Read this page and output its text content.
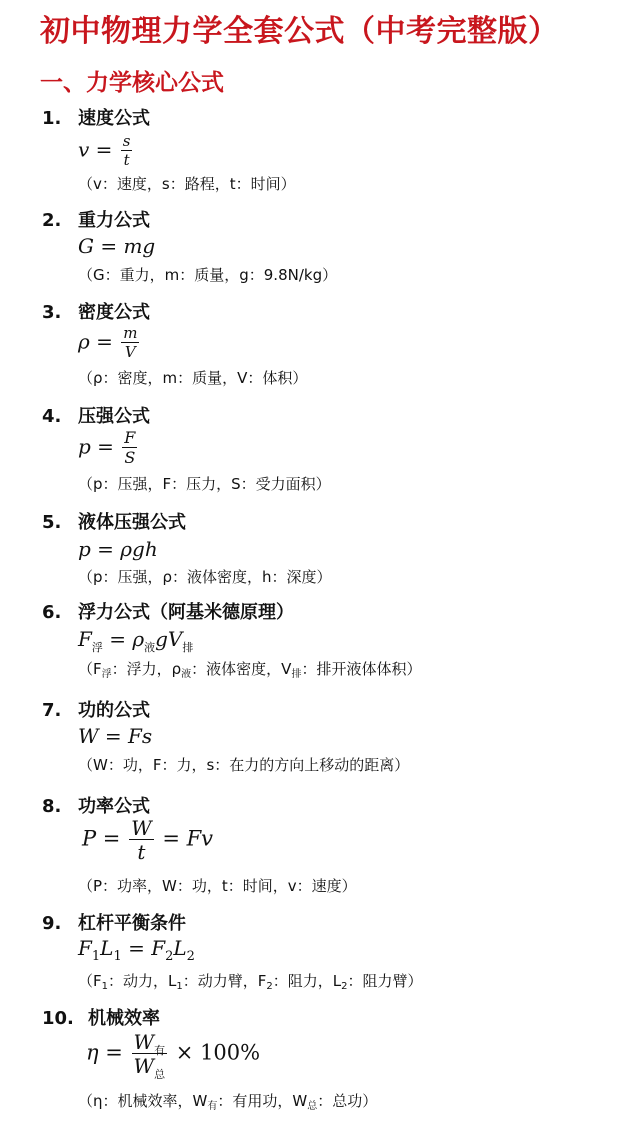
初中物理力学全套公式（中考完整版）
一、力学核心公式
1. 速度公式
$v = \frac{s}{t}$
（v：速度，s：路程，t：时间）
2. 重力公式
G = mg
（G：重力，m：质量，g：9.8N/kg）
3. 密度公式
$\rho = \frac{m}{V}$
（ρ：密度，m：质量，V：体积）
4. 压强公式
$p = \frac{F}{S}$
（p：压强，F：压力，S：受力面积）
5. 液体压强公式
p = ρgh
（p：压强，ρ：液体密度，h：深度）
6. 浮力公式（阿基米德原理）
$F_浮 = \rho_液gV_排$
（$F_浮$：浮力，$\rho_液$：液体密度，$V_排$：排开液体体积）
7. 功的公式
W = Fs
（W：功，F：力，s：在力的方向上移动的距离）
8. 功率公式
$P = \frac{W}{t} = Fv$
（P：功率，W：功，t：时间，v：速度）
9. 杠杆平衡条件
$F_1L_1 = F_2L_2$
（$F_1$：动力，$L_1$：动力臂，$F_2$：阻力，$L_2$：阻力臂）
10. 机械效率
$\eta = \frac{W_有}{W_总} \times 100\%$
（η：机械效率，$W_有$：有用功，$W_总$：总功）
